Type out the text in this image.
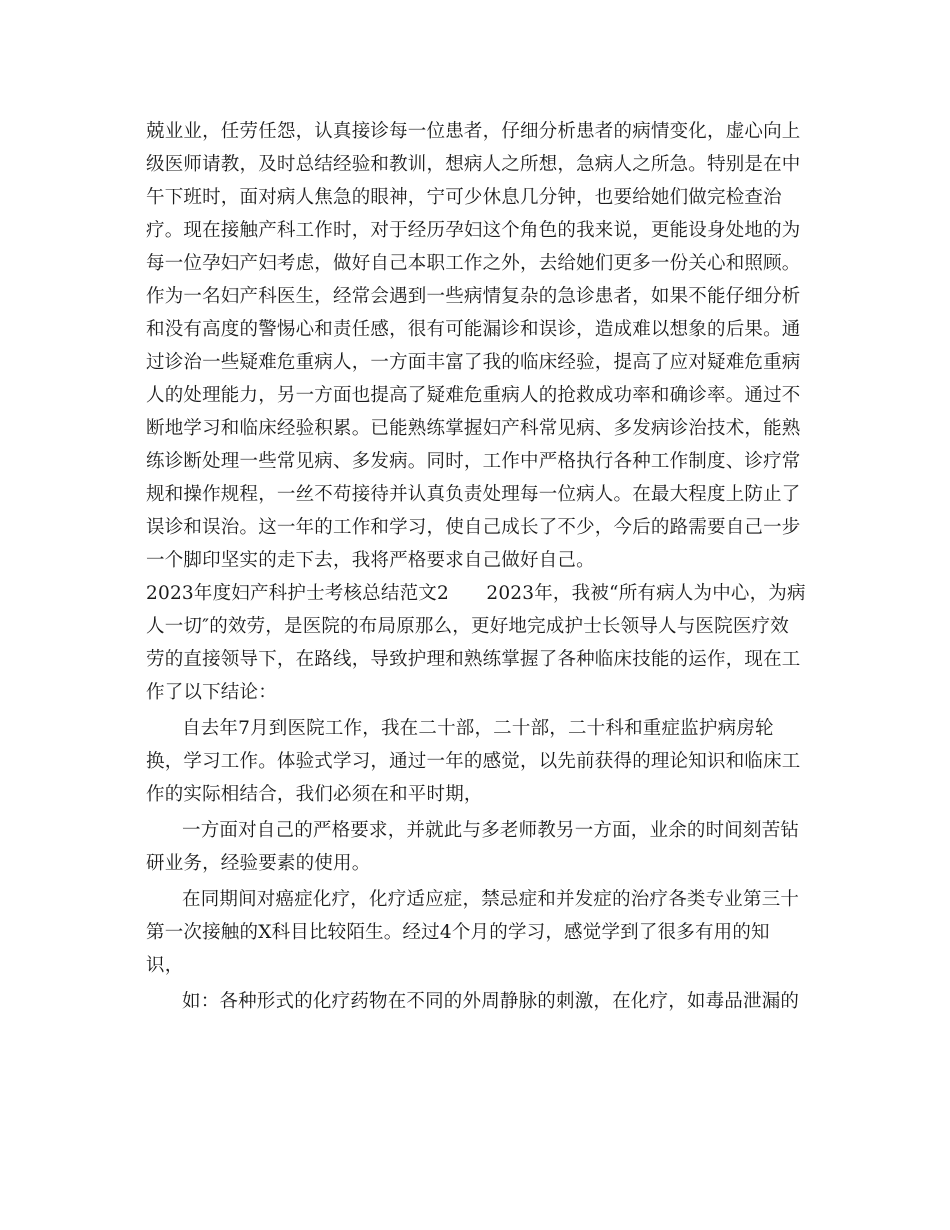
兢业业，任劳任怨，认真接诊每一位患者，仔细分析患者的病情变化，虚心向上
级医师请教，及时总结经验和教训，想病人之所想，急病人之所急。特别是在中
午下班时，面对病人焦急的眼神，宁可少休息几分钟，也要给她们做完检查治
疗。现在接触产科工作时，对于经历孕妇这个角色的我来说，更能设身处地的为
每一位孕妇产妇考虑，做好自己本职工作之外，去给她们更多一份关心和照顾。
作为一名妇产科医生，经常会遇到一些病情复杂的急诊患者，如果不能仔细分析
和没有高度的警惕心和责任感，很有可能漏诊和误诊，造成难以想象的后果。通
过诊治一些疑难危重病人，一方面丰富了我的临床经验，提高了应对疑难危重病
人的处理能力，另一方面也提高了疑难危重病人的抢救成功率和确诊率。通过不
断地学习和临床经验积累。已能熟练掌握妇产科常见病、多发病诊治技术，能熟
练诊断处理一些常见病、多发病。同时，工作中严格执行各种工作制度、诊疗常
规和操作规程，一丝不苟接待并认真负责处理每一位病人。在最大程度上防止了
误诊和误治。这一年的工作和学习，使自己成长了不少，今后的路需要自己一步
一个脚印坚实的走下去，我将严格要求自己做好自己。
2023年度妇产科护士考核总结范文2　　2023年，我被“所有病人为中心，为病
人一切″的效劳，是医院的布局原那么，更好地完成护士长领导人与医院医疗效
劳的直接领导下，在路线，导致护理和熟练掌握了各种临床技能的运作，现在工
作了以下结论：
自去年7月到医院工作，我在二十部，二十部，二十科和重症监护病房轮
换，学习工作。体验式学习，通过一年的感觉，以先前获得的理论知识和临床工
作的实际相结合，我们必须在和平时期，
一方面对自己的严格要求，并就此与多老师教另一方面，业余的时间刻苦钻
研业务，经验要素的使用。
在同期间对癌症化疗，化疗适应症，禁忌症和并发症的治疗各类专业第三十
第一次接触的X科目比较陌生。经过4个月的学习，感觉学到了很多有用的知
识，
如：各种形式的化疗药物在不同的外周静脉的刺激，在化疗，如毒品泄漏的
